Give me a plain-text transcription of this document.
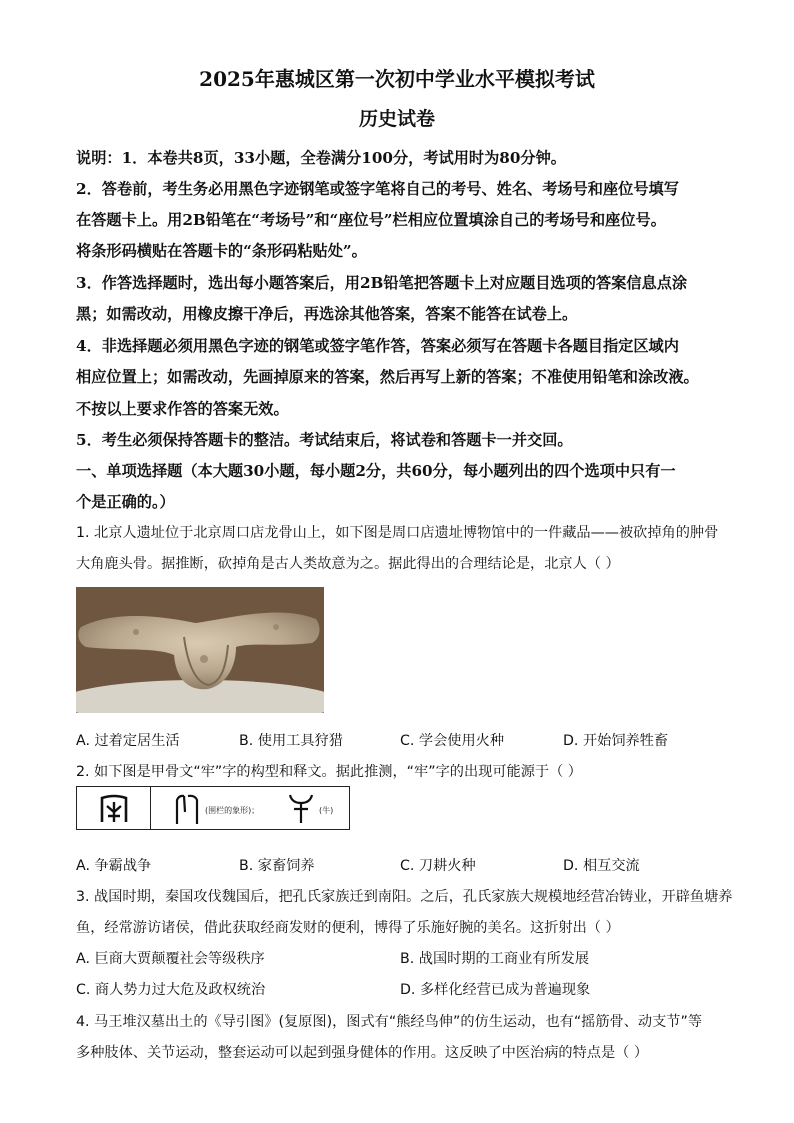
2025年惠城区第一次初中学业水平模拟考试
历史试卷
说明：1．本卷共8页，33小题，全卷满分100分，考试用时为80分钟。
2．答卷前，考生务必用黑色字迹钢笔或签字笔将自己的考号、姓名、考场号和座位号填写
在答题卡上。用2B铅笔在“考场号”和“座位号”栏相应位置填涂自己的考场号和座位号。
将条形码横贴在答题卡的“条形码粘贴处”。
3．作答选择题时，选出每小题答案后，用2B铅笔把答题卡上对应题目选项的答案信息点涂
黑；如需改动，用橡皮擦干净后，再选涂其他答案，答案不能答在试卷上。
4．非选择题必须用黑色字迹的钢笔或签字笔作答，答案必须写在答题卡各题目指定区域内
相应位置上；如需改动，先画掉原来的答案，然后再写上新的答案；不准使用铅笔和涂改液。
不按以上要求作答的答案无效。
5．考生必须保持答题卡的整洁。考试结束后，将试卷和答题卡一并交回。
一、单项选择题（本大题30小题，每小题2分，共60分，每小题列出的四个选项中只有一
个是正确的。）
1. 北京人遗址位于北京周口店龙骨山上，如下图是周口店遗址博物馆中的一件藏品——被砍掉角的肿骨
大角鹿头骨。据推断，砍掉角是古人类故意为之。据此得出的合理结论是，北京人（ ）
A. 过着定居生活	B. 使用工具狩猎	C. 学会使用火种	D. 开始饲养牲畜
2. 如下图是甲骨文“牢”字的构型和释文。据此推测，“牢”字的出现可能源于（ ）
(围栏的象形)；	(牛)
A. 争霸战争	B. 家畜饲养	C. 刀耕火种	D. 相互交流
3. 战国时期，秦国攻伐魏国后，把孔氏家族迁到南阳。之后，孔氏家族大规模地经营冶铸业，开辟鱼塘养
鱼，经常游访诸侯，借此获取经商发财的便利，博得了乐施好腕的美名。这折射出（ ）
A. 巨商大贾颠覆社会等级秩序	B. 战国时期的工商业有所发展
C. 商人势力过大危及政权统治	D. 多样化经营已成为普遍现象
4. 马王堆汉墓出土的《导引图》(复原图)，图式有“熊经鸟伸”的仿生运动，也有“摇筋骨、动支节”等
多种肢体、关节运动，整套运动可以起到强身健体的作用。这反映了中医治病的特点是（ ）
